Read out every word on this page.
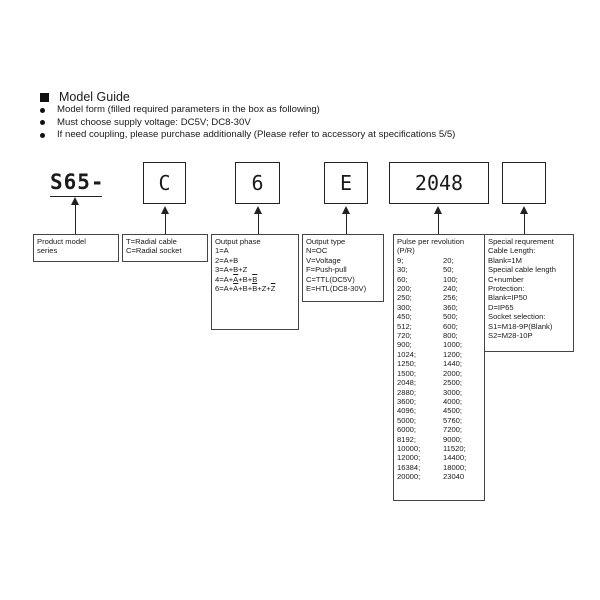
Model Guide
Model form (filled required parameters in the box as following)
Must choose supply voltage: DC5V; DC8-30V
If need coupling, please purchase additionally (Please refer to accessory at specifications 5/5)
S65-	C	6	E	2048
Product model
series
T=Radial cable
C=Radial socket
Output phase
1=A
2=A+B
3=A+B+Z
$4=A+\overline{A}+B+\overline{B}$
$6=A+\overline{A}+B+\overline{B}+Z+\overline{Z}$
Output type
N=OC
V=Voltage
F=Push-pull
C=TTL(DC5V)
E=HTL(DC8-30V)
Pulse per revolution
(P/R)
9;	20;
30;	50;
60;	100;
200;	240;
250;	256;
300;	360;
450;	500;
512;	600;
720;	800;
900;	1000;
1024;	1200;
1250;	1440;
1500;	2000;
2048;	2500;
2880;	3000;
3600;	4000;
4096;	4500;
5000;	5760;
6000;	7200;
8192;	9000;
10000;	11520;
12000;	14400;
16384;	18000;
20000;	23040
Special requrement
Cable Length:
Blank=1M
Special cable length
C+number
Protection:
Blank=IP50
D=IP65
Socket selection:
S1=M18-9P(Blank)
S2=M28-10P
